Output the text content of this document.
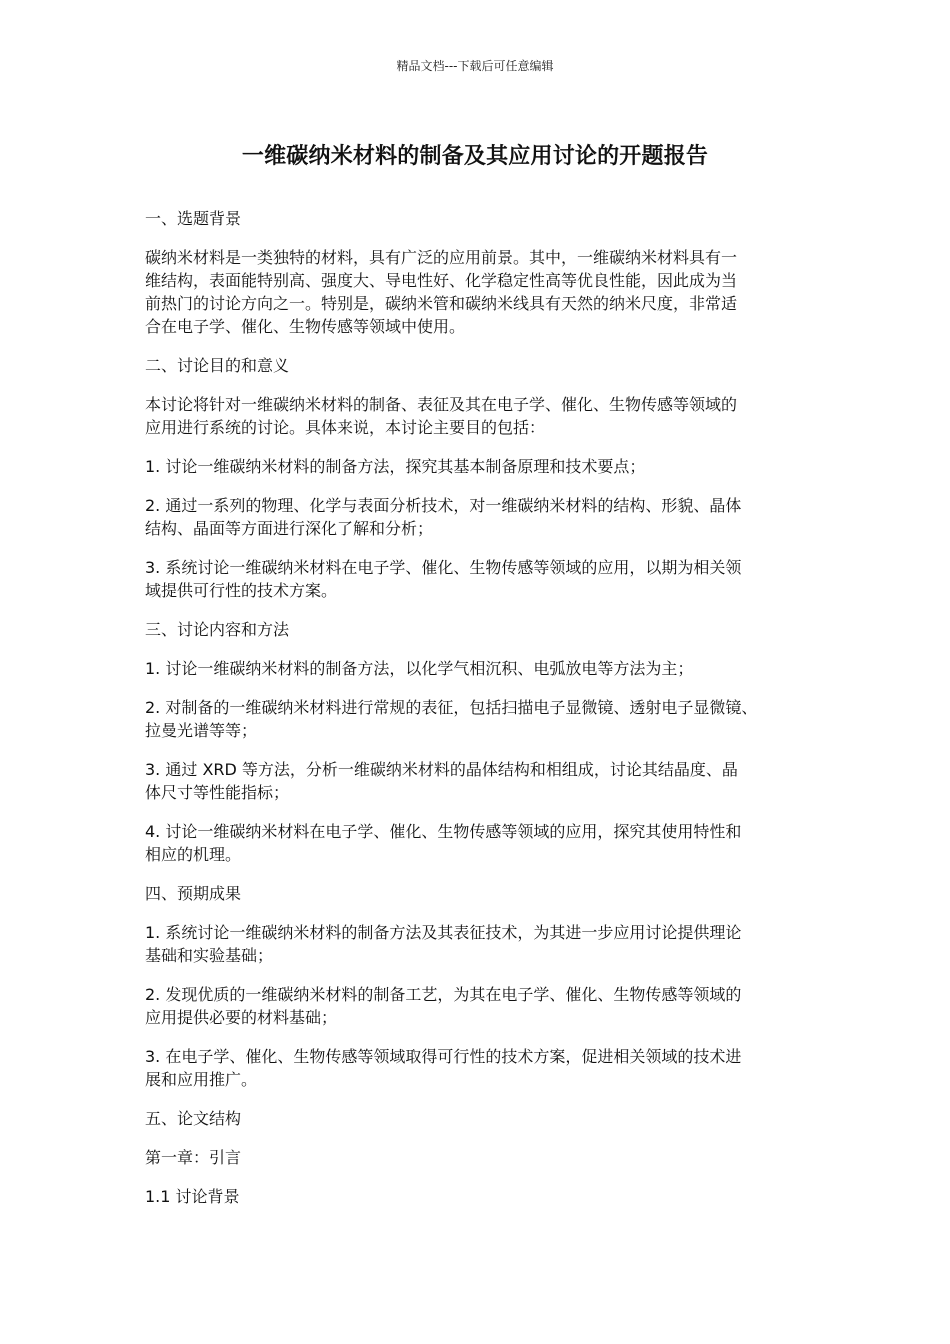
精品文档---下载后可任意编辑
一维碳纳米材料的制备及其应用讨论的开题报告

一、选题背景

碳纳米材料是一类独特的材料，具有广泛的应用前景。其中，一维碳纳米材料具有一
维结构，表面能特别高、强度大、导电性好、化学稳定性高等优良性能，因此成为当
前热门的讨论方向之一。特别是，碳纳米管和碳纳米线具有天然的纳米尺度，非常适
合在电子学、催化、生物传感等领域中使用。

二、讨论目的和意义

本讨论将针对一维碳纳米材料的制备、表征及其在电子学、催化、生物传感等领域的
应用进行系统的讨论。具体来说，本讨论主要目的包括：

1. 讨论一维碳纳米材料的制备方法，探究其基本制备原理和技术要点；

2. 通过一系列的物理、化学与表面分析技术，对一维碳纳米材料的结构、形貌、晶体
结构、晶面等方面进行深化了解和分析；

3. 系统讨论一维碳纳米材料在电子学、催化、生物传感等领域的应用，以期为相关领
域提供可行性的技术方案。

三、讨论内容和方法

1. 讨论一维碳纳米材料的制备方法，以化学气相沉积、电弧放电等方法为主；

2. 对制备的一维碳纳米材料进行常规的表征，包括扫描电子显微镜、透射电子显微镜、
拉曼光谱等等；

3. 通过 XRD 等方法，分析一维碳纳米材料的晶体结构和相组成，讨论其结晶度、晶
体尺寸等性能指标；

4. 讨论一维碳纳米材料在电子学、催化、生物传感等领域的应用，探究其使用特性和
相应的机理。

四、预期成果

1. 系统讨论一维碳纳米材料的制备方法及其表征技术，为其进一步应用讨论提供理论
基础和实验基础；

2. 发现优质的一维碳纳米材料的制备工艺，为其在电子学、催化、生物传感等领域的
应用提供必要的材料基础；

3. 在电子学、催化、生物传感等领域取得可行性的技术方案，促进相关领域的技术进
展和应用推广。

五、论文结构

第一章：引言

1.1 讨论背景
